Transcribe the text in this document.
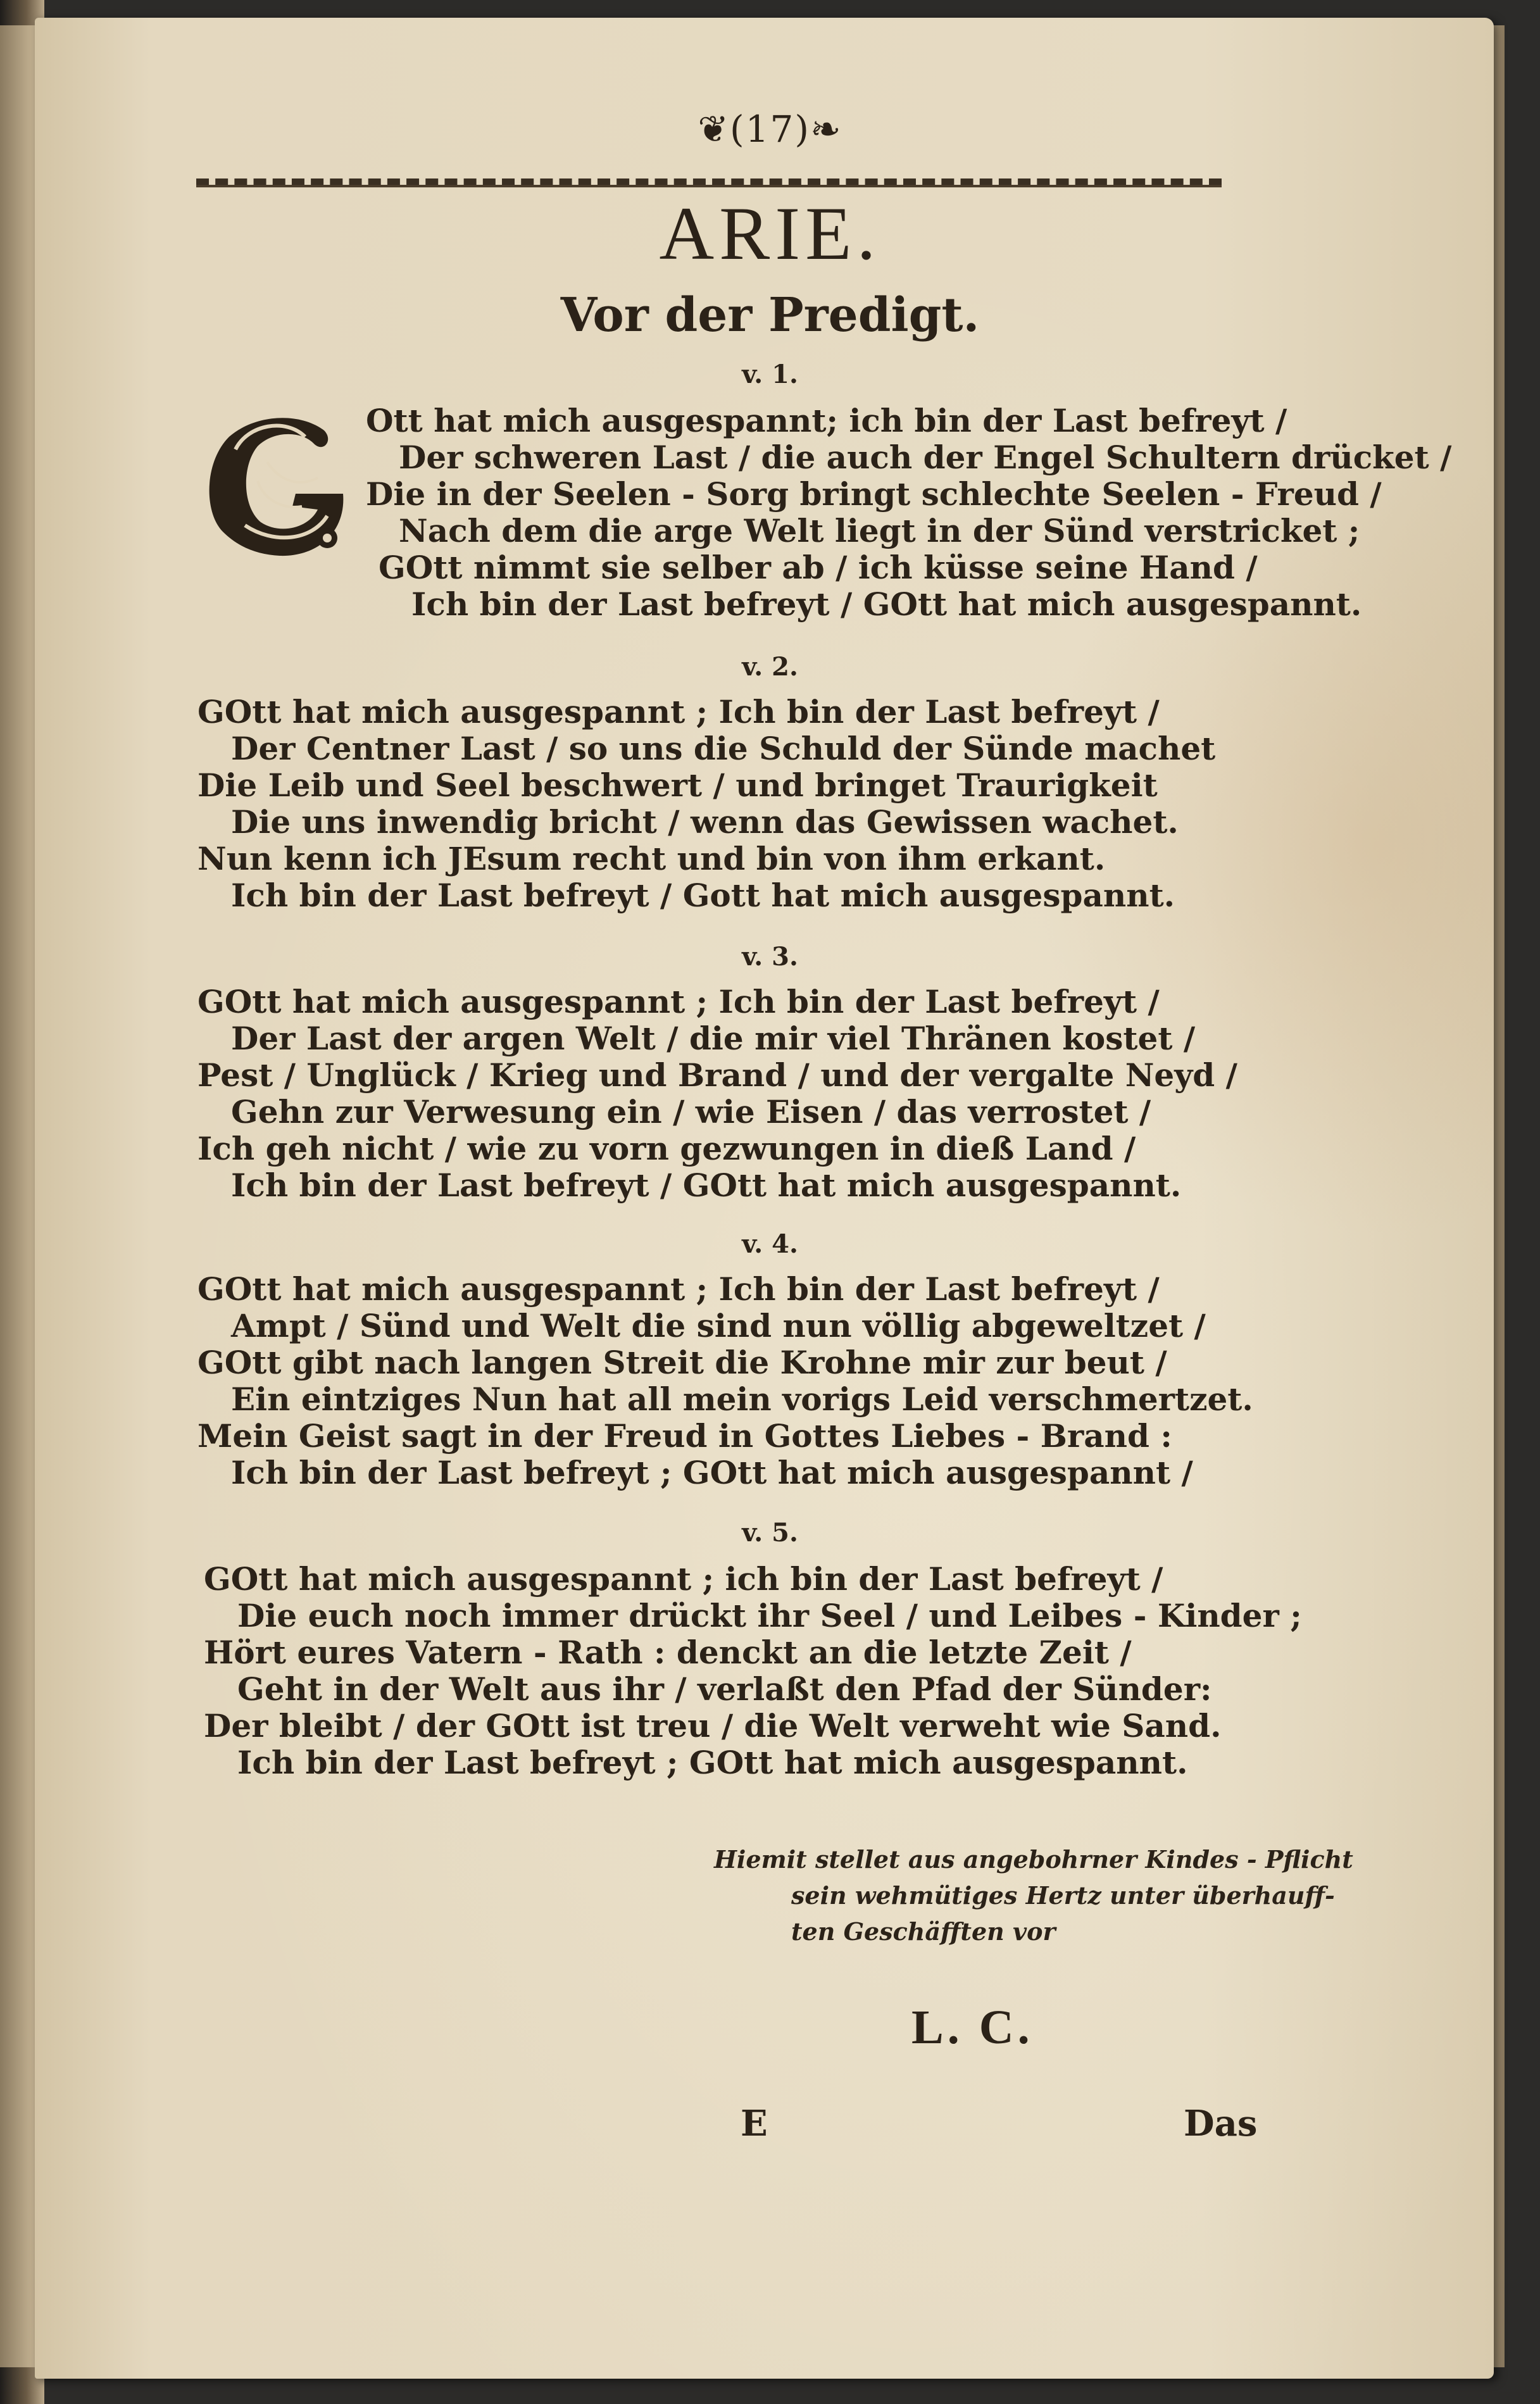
❦(17)❧
ARIE.
Vor der Predigt.
v. 1.
Ott hat mich ausgespannt; ich bin der Last befreyt /
Der schweren Last / die auch der Engel Schultern drücket /
Die in der Seelen - Sorg bringt schlechte Seelen - Freud /
Nach dem die arge Welt liegt in der Sünd verstricket ;
GOtt nimmt sie selber ab / ich küsse seine Hand /
Ich bin der Last befreyt / GOtt hat mich ausgespannt.
v. 2.
GOtt hat mich ausgespannt ; Ich bin der Last befreyt /
Der Centner Last / so uns die Schuld der Sünde machet
Die Leib und Seel beschwert / und bringet Traurigkeit
Die uns inwendig bricht / wenn das Gewissen wachet.
Nun kenn ich JEsum recht und bin von ihm erkant.
Ich bin der Last befreyt / Gott hat mich ausgespannt.
v. 3.
GOtt hat mich ausgespannt ; Ich bin der Last befreyt /
Der Last der argen Welt / die mir viel Thränen kostet /
Pest / Unglück / Krieg und Brand / und der vergalte Neyd /
Gehn zur Verwesung ein / wie Eisen / das verrostet /
Ich geh nicht / wie zu vorn gezwungen in dieß Land /
Ich bin der Last befreyt / GOtt hat mich ausgespannt.
v. 4.
GOtt hat mich ausgespannt ; Ich bin der Last befreyt /
Ampt / Sünd und Welt die sind nun völlig abgeweltzet /
GOtt gibt nach langen Streit die Krohne mir zur beut /
Ein eintziges Nun hat all mein vorigs Leid verschmertzet.
Mein Geist sagt in der Freud in Gottes Liebes - Brand :
Ich bin der Last befreyt ; GOtt hat mich ausgespannt /
v. 5.
GOtt hat mich ausgespannt ; ich bin der Last befreyt /
Die euch noch immer drückt ihr Seel / und Leibes - Kinder ;
Hört eures Vatern - Rath : denckt an die letzte Zeit /
Geht in der Welt aus ihr / verlaßt den Pfad der Sünder:
Der bleibt / der GOtt ist treu / die Welt verweht wie Sand.
Ich bin der Last befreyt ; GOtt hat mich ausgespannt.
Hiemit stellet aus angebohrner Kindes - Pflicht
sein wehmütiges Hertz unter überhauff-
ten Geschäfften vor
L. C.
E	Das
